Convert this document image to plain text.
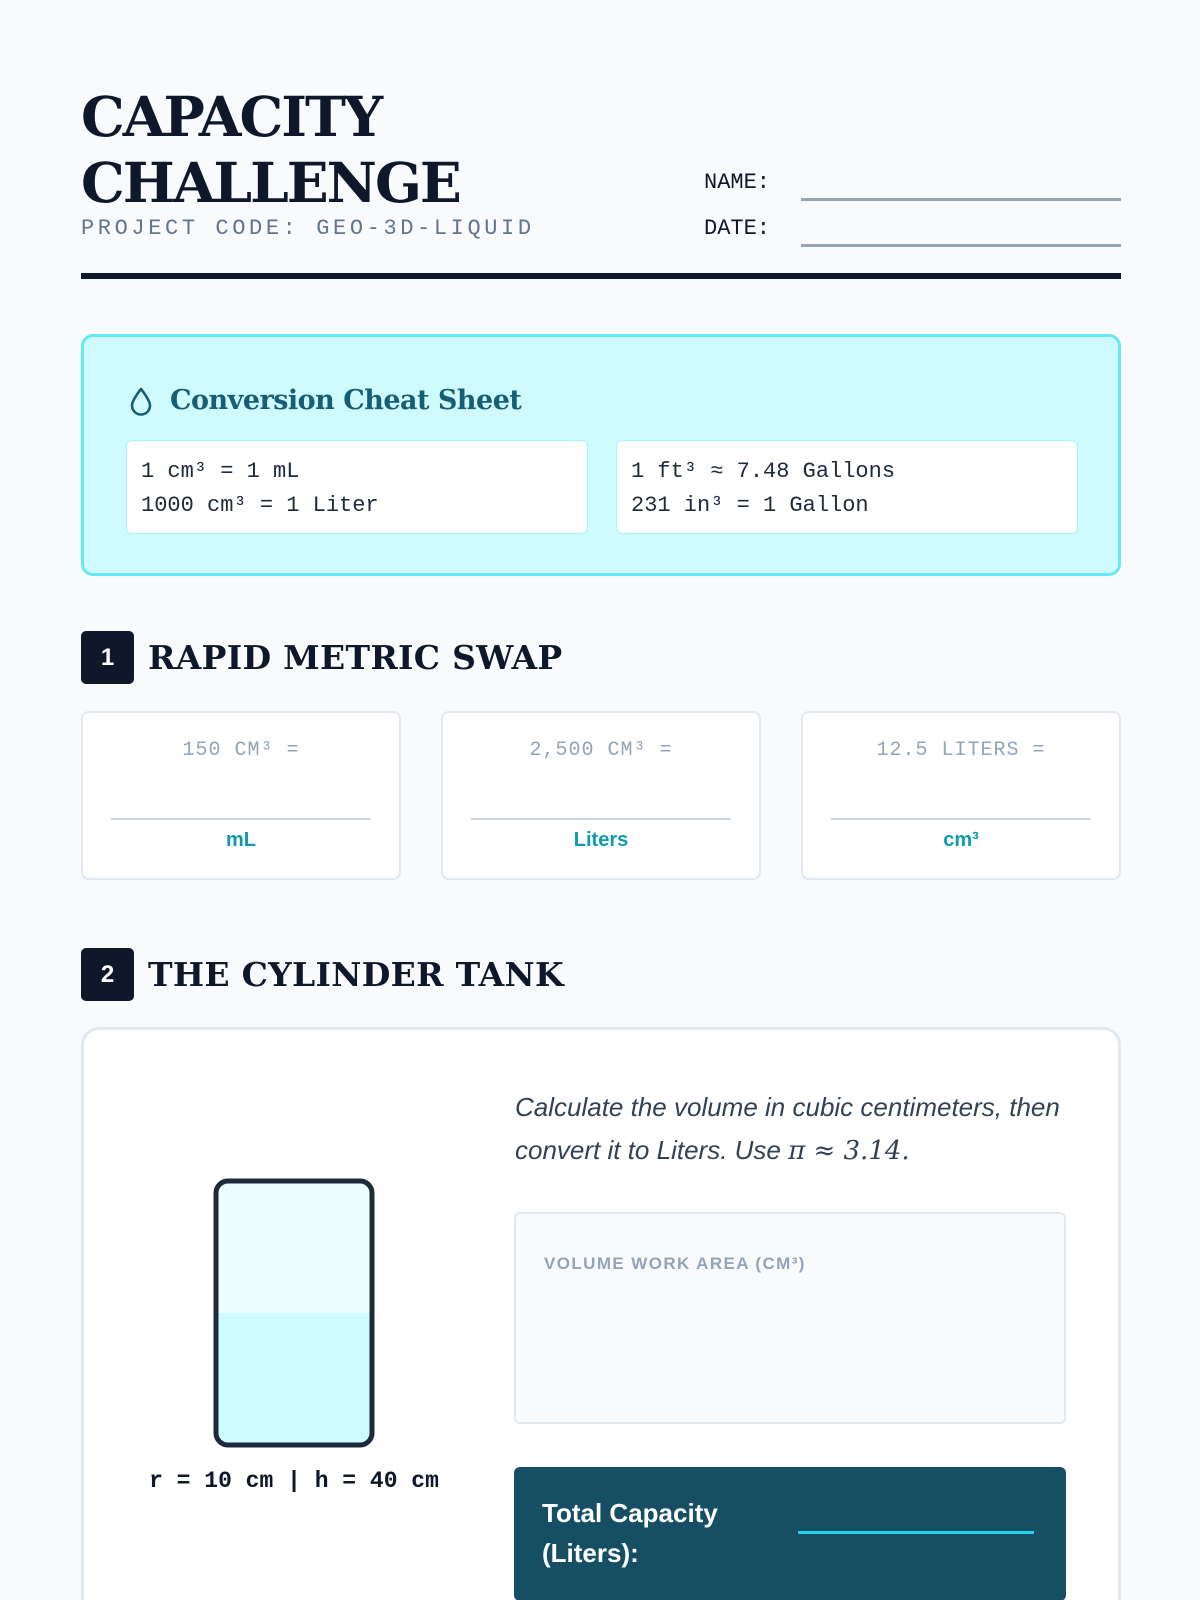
CAPACITY
CHALLENGE
PROJECT CODE: GEO-3D-LIQUID
NAME:
DATE:
Conversion Cheat Sheet
1 cm³ = 1 mL
1000 cm³ = 1 Liter
1 ft³ ≈ 7.48 Gallons
231 in³ = 1 Gallon
1	RAPID METRIC SWAP
150 CM³ =
mL
2,500 CM³ =
Liters
12.5 LITERS =
cm³
2	THE CYLINDER TANK
r = 10 cm | h = 40 cm
Calculate the volume in cubic centimeters, then convert it to Liters. Use π ≈ 3.14.
VOLUME WORK AREA (CM³)
Total Capacity (Liters):
